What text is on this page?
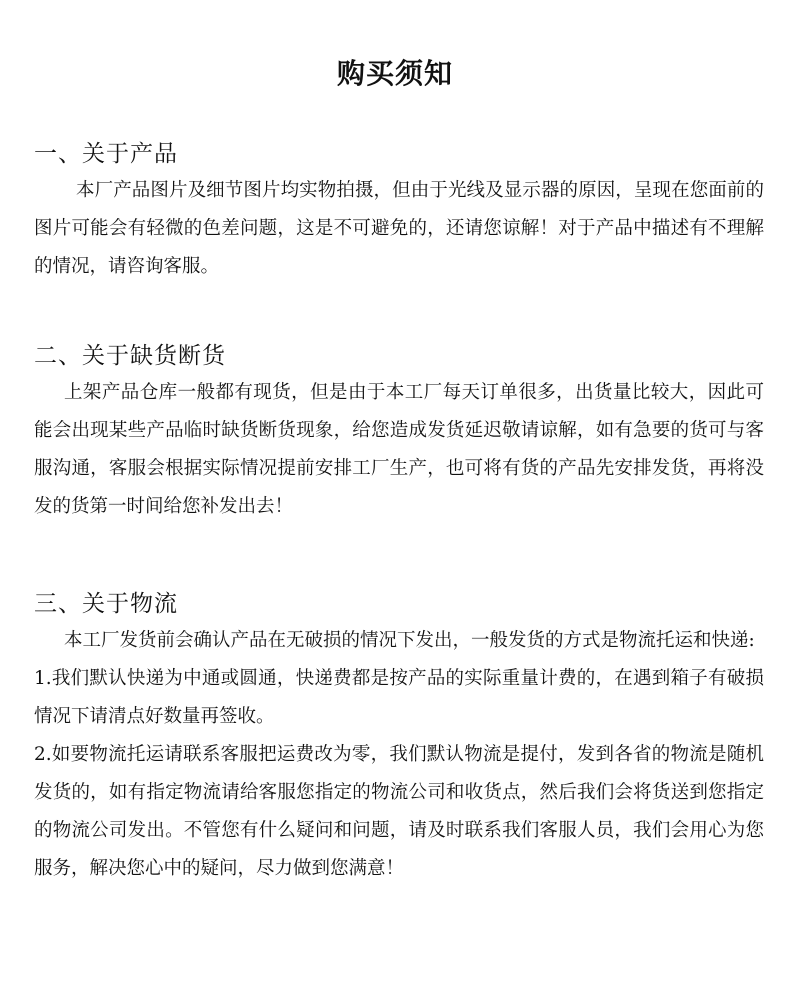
购买须知
一、关于产品

本厂产品图片及细节图片均实物拍摄，但由于光线及显示器的原因，呈现在您面前的图片可能会有轻微的色差问题，这是不可避免的，还请您谅解！对于产品中描述有不理解的情况，请咨询客服。

二、关于缺货断货

上架产品仓库一般都有现货，但是由于本工厂每天订单很多，出货量比较大，因此可能会出现某些产品临时缺货断货现象，给您造成发货延迟敬请谅解，如有急要的货可与客服沟通，客服会根据实际情况提前安排工厂生产，也可将有货的产品先安排发货，再将没发的货第一时间给您补发出去！

三、关于物流

本工厂发货前会确认产品在无破损的情况下发出，一般发货的方式是物流托运和快递:

1.我们默认快递为中通或圆通，快递费都是按产品的实际重量计费的，在遇到箱子有破损情况下请清点好数量再签收。

2.如要物流托运请联系客服把运费改为零，我们默认物流是提付，发到各省的物流是随机发货的，如有指定物流请给客服您指定的物流公司和收货点，然后我们会将货送到您指定的物流公司发出。不管您有什么疑问和问题，请及时联系我们客服人员，我们会用心为您服务，解决您心中的疑问，尽力做到您满意！
